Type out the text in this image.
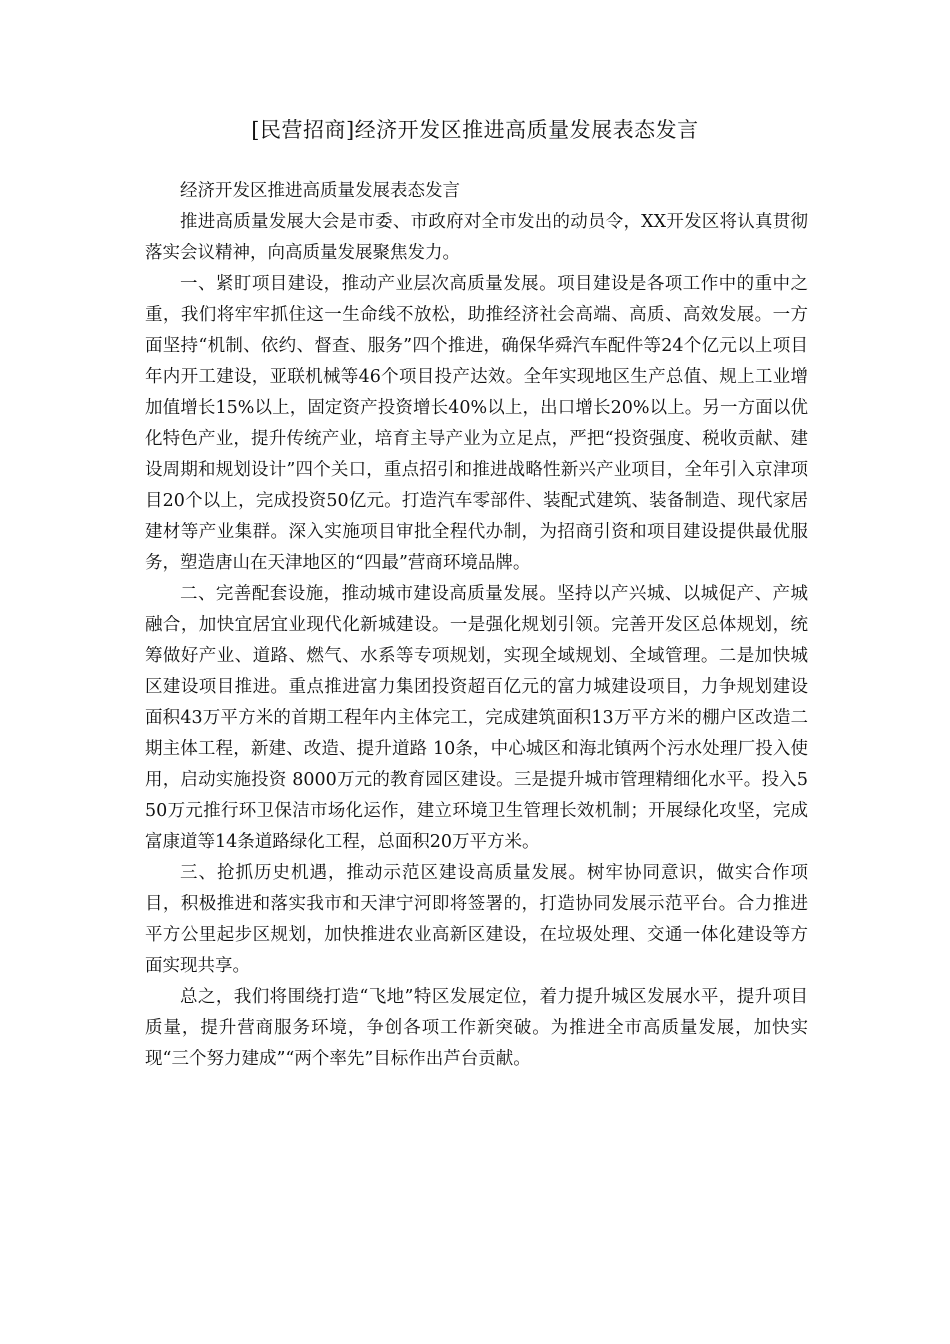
[民营招商]经济开发区推进高质量发展表态发言

经济开发区推进高质量发展表态发言

推进高质量发展大会是市委、市政府对全市发出的动员令，XX开发区将认真贯彻落实会议精神，向高质量发展聚焦发力。

一、紧盯项目建设，推动产业层次高质量发展。项目建设是各项工作中的重中之重，我们将牢牢抓住这一生命线不放松，助推经济社会高端、高质、高效发展。一方面坚持“机制、依约、督查、服务”四个推进，确保华舜汽车配件等24个亿元以上项目年内开工建设，亚联机械等46个项目投产达效。全年实现地区生产总值、规上工业增加值增长15%以上，固定资产投资增长40%以上，出口增长20%以上。另一方面以优化特色产业，提升传统产业，培育主导产业为立足点，严把“投资强度、税收贡献、建设周期和规划设计”四个关口，重点招引和推进战略性新兴产业项目，全年引入京津项目20个以上，完成投资50亿元。打造汽车零部件、装配式建筑、装备制造、现代家居建材等产业集群。深入实施项目审批全程代办制，为招商引资和项目建设提供最优服务，塑造唐山在天津地区的“四最”营商环境品牌。

二、完善配套设施，推动城市建设高质量发展。坚持以产兴城、以城促产、产城融合，加快宜居宜业现代化新城建设。一是强化规划引领。完善开发区总体规划，统筹做好产业、道路、燃气、水系等专项规划，实现全域规划、全域管理。二是加快城区建设项目推进。重点推进富力集团投资超百亿元的富力城建设项目，力争规划建设面积43万平方米的首期工程年内主体完工，完成建筑面积13万平方米的棚户区改造二期主体工程，新建、改造、提升道路 10条，中心城区和海北镇两个污水处理厂投入使用，启动实施投资 8000万元的教育园区建设。三是提升城市管理精细化水平。投入550万元推行环卫保洁市场化运作，建立环境卫生管理长效机制；开展绿化攻坚，完成富康道等14条道路绿化工程，总面积20万平方米。

三、抢抓历史机遇，推动示范区建设高质量发展。树牢协同意识，做实合作项目，积极推进和落实我市和天津宁河即将签署的，打造协同发展示范平台。合力推进平方公里起步区规划，加快推进农业高新区建设，在垃圾处理、交通一体化建设等方面实现共享。

总之，我们将围绕打造“飞地”特区发展定位，着力提升城区发展水平，提升项目质量，提升营商服务环境，争创各项工作新突破。为推进全市高质量发展，加快实现“三个努力建成”“两个率先”目标作出芦台贡献。
